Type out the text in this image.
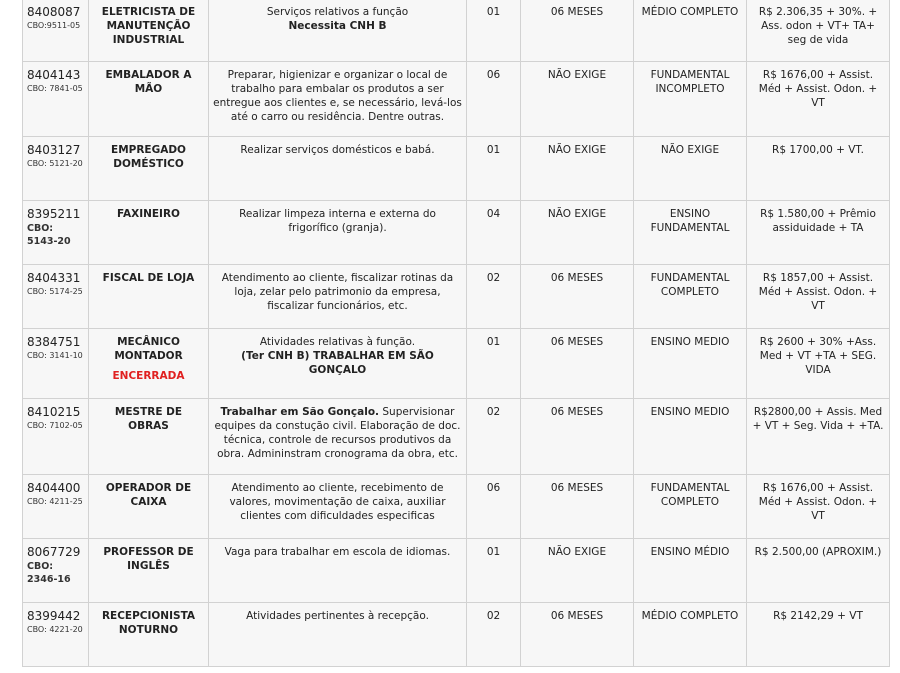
8408087
CBO:9511-05	ELETRICISTA DE MANUTENÇÃO INDUSTRIAL	Serviços relativos a função
Necessita CNH B	01	06 MESES	MÉDIO COMPLETO	R$ 2.306,35 + 30%. + Ass. odon + VT+ TA+ seg de vida

8404143
CBO: 7841-05	EMBALADOR A MÃO	Preparar, higienizar e organizar o local de trabalho para embalar os produtos a ser entregue aos clientes e, se necessário, levá-los até o carro ou residência. Dentre outras.	06	NÃO EXIGE	FUNDAMENTAL INCOMPLETO	R$ 1676,00 + Assist. Méd + Assist. Odon. + VT

8403127
CBO: 5121-20	EMPREGADO DOMÉSTICO	Realizar serviços domésticos e babá.	01	NÃO EXIGE	NÃO EXIGE	R$ 1700,00 + VT.

8395211
CBO: 5143-20	FAXINEIRO	Realizar limpeza interna e externa do frigorífico (granja).	04	NÃO EXIGE	ENSINO FUNDAMENTAL	R$ 1.580,00 + Prêmio assiduidade + TA

8404331
CBO: 5174-25	FISCAL DE LOJA	Atendimento ao cliente, fiscalizar rotinas da loja, zelar pelo patrimonio da empresa, fiscalizar funcionários, etc.	02	06 MESES	FUNDAMENTAL COMPLETO	R$ 1857,00 + Assist. Méd + Assist. Odon. + VT

8384751
CBO: 3141-10	MECÂNICO MONTADOR
ENCERRADA	Atividades relativas à função.
(Ter CNH B) TRABALHAR EM SÃO GONÇALO	01	06 MESES	ENSINO MEDIO	R$ 2600 + 30% +Ass. Med + VT +TA + SEG. VIDA

8410215
CBO: 7102-05	MESTRE DE OBRAS	Trabalhar em São Gonçalo. Supervisionar equipes da constução civil. Elaboração de doc. técnica, controle de recursos produtivos da obra. Admininstram cronograma da obra, etc.	02	06 MESES	ENSINO MEDIO	R$2800,00 + Assis. Med + VT + Seg. Vida + +TA.

8404400
CBO: 4211-25	OPERADOR DE CAIXA	Atendimento ao cliente, recebimento de valores, movimentação de caixa, auxiliar clientes com dificuldades especificas	06	06 MESES	FUNDAMENTAL COMPLETO	R$ 1676,00 + Assist. Méd + Assist. Odon. + VT

8067729
CBO: 2346-16	PROFESSOR DE INGLÊS	Vaga para trabalhar em escola de idiomas.	01	NÃO EXIGE	ENSINO MÉDIO	R$ 2.500,00 (APROXIM.)

8399442
CBO: 4221-20	RECEPCIONISTA NOTURNO	Atividades pertinentes à recepção.	02	06 MESES	MÉDIO COMPLETO	R$ 2142,29 + VT
